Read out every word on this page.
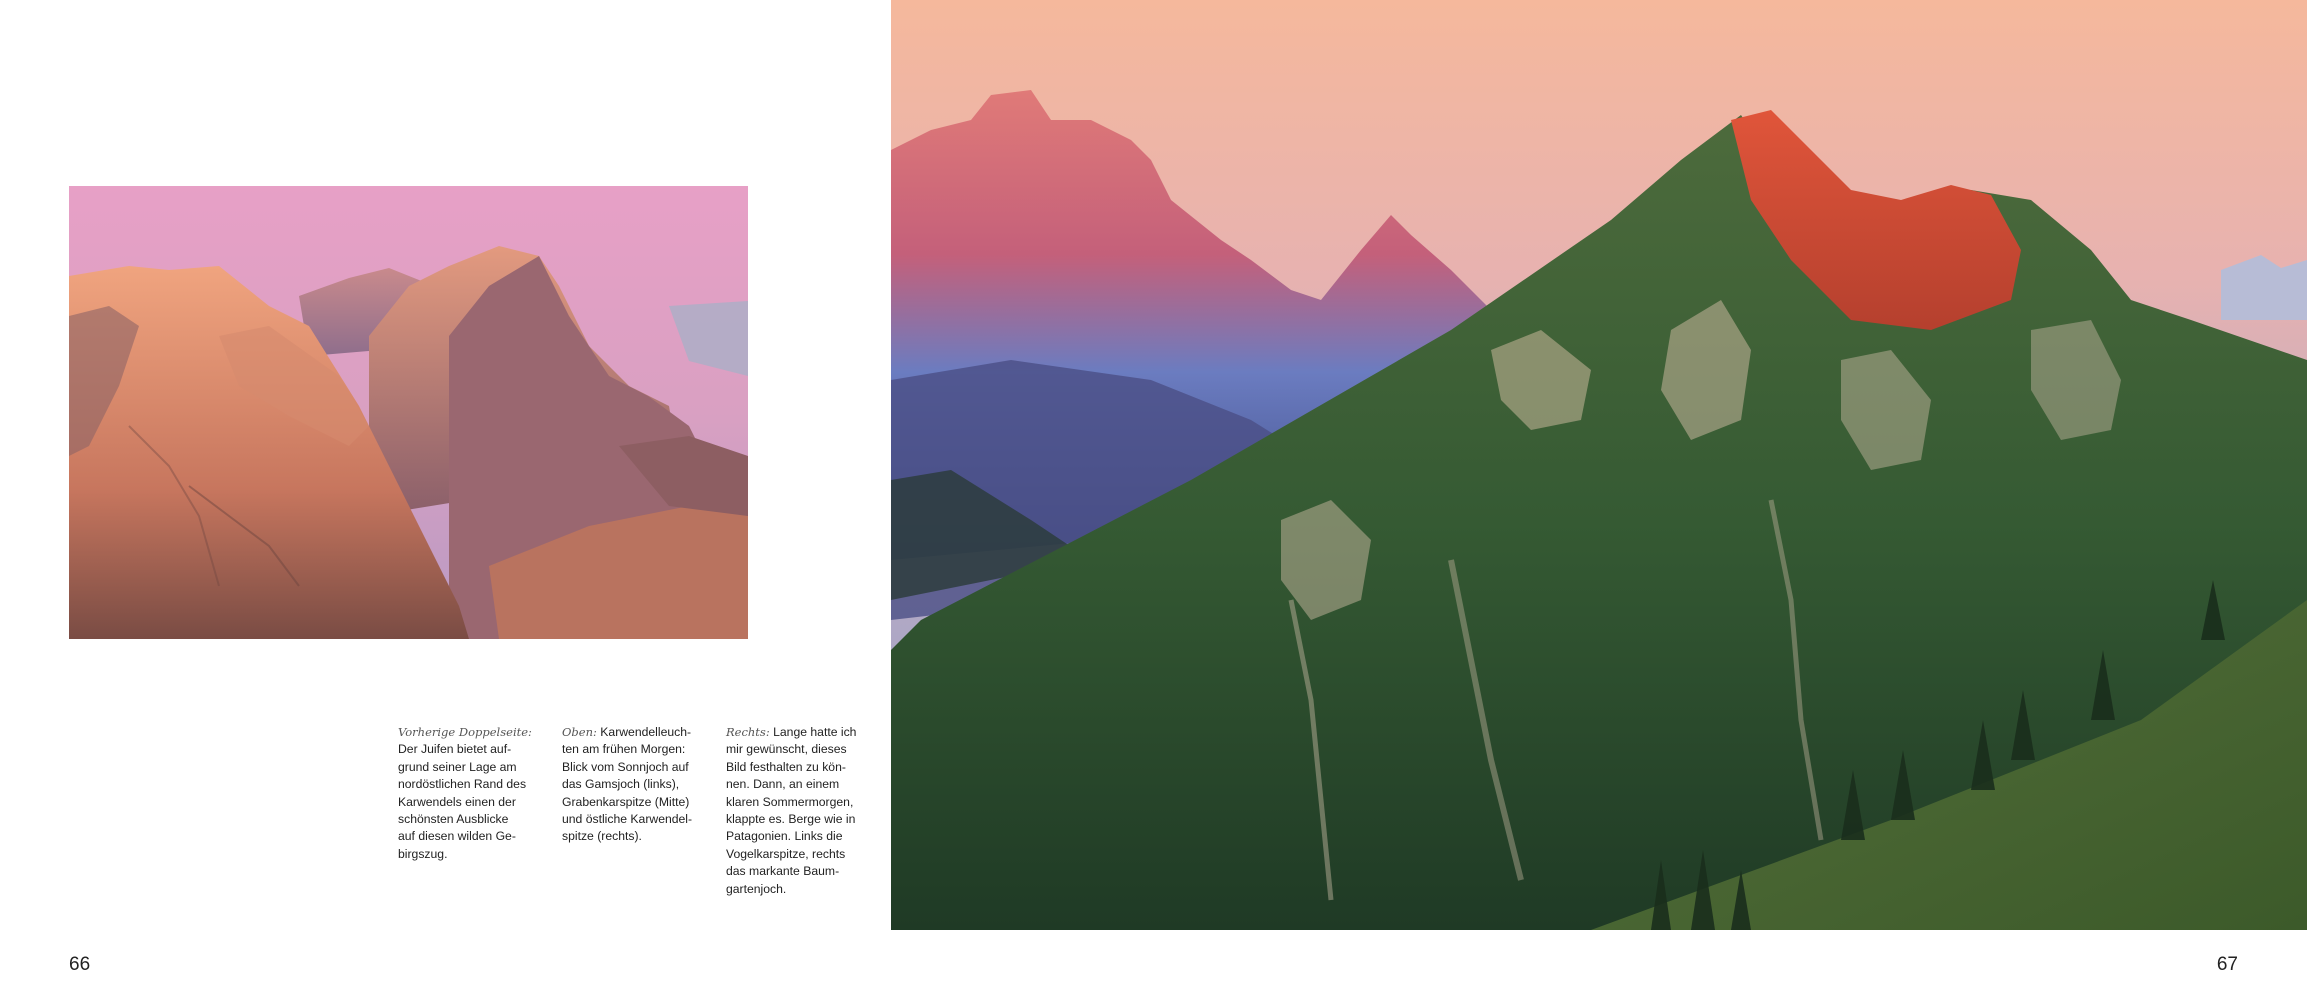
Vorherige Doppelseite:
Der Juifen bietet auf-
grund seiner Lage am
nordöstlichen Rand des
Karwendels einen der
schönsten Ausblicke
auf diesen wilden Ge-
birgszug.
Oben: Karwendelleuch-
ten am frühen Morgen:
Blick vom Sonnjoch auf
das Gamsjoch (links),
Grabenkarspitze (Mitte)
und östliche Karwendel-
spitze (rechts).
Rechts: Lange hatte ich
mir gewünscht, dieses
Bild festhalten zu kön-
nen. Dann, an einem
klaren Sommermorgen,
klappte es. Berge wie in
Patagonien. Links die
Vogelkarspitze, rechts
das markante Baum-
gartenjoch.
66	67
